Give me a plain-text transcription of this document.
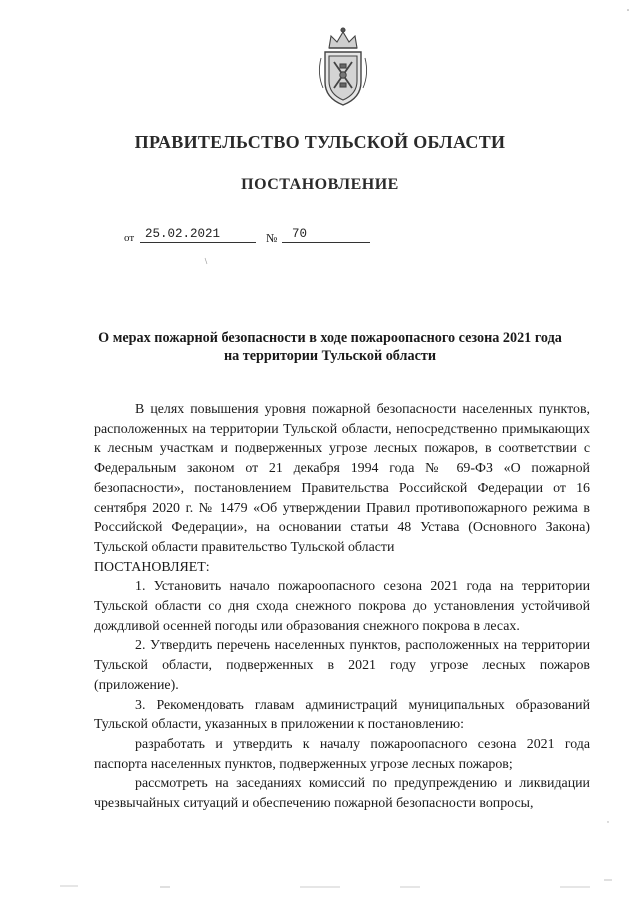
ПРАВИТЕЛЬСТВО ТУЛЬСКОЙ ОБЛАСТИ
ПОСТАНОВЛЕНИЕ
от 25.02.2021	№ 70
О мерах пожарной безопасности в ходе пожароопасного сезона 2021 года
на территории Тульской области

В целях повышения уровня пожарной безопасности населенных пунктов, расположенных на территории Тульской области, непосредственно примыкающих к лесным участкам и подверженных угрозе лесных пожаров, в соответствии с Федеральным законом от 21 декабря 1994 года № 69-ФЗ «О пожарной безопасности», постановлением Правительства Российской Федерации от 16 сентября 2020 г. № 1479 «Об утверждении Правил противопожарного режима в Российской Федерации», на основании статьи 48 Устава (Основного Закона) Тульской области правительство Тульской области

ПОСТАНОВЛЯЕТ:

1. Установить начало пожароопасного сезона 2021 года на территории Тульской области со дня схода снежного покрова до установления устойчивой дождливой осенней погоды или образования снежного покрова в лесах.

2. Утвердить перечень населенных пунктов, расположенных на территории Тульской области, подверженных в 2021 году угрозе лесных пожаров (приложение).

3. Рекомендовать главам администраций муниципальных образований Тульской области, указанных в приложении к постановлению:

разработать и утвердить к началу пожароопасного сезона 2021 года паспорта населенных пунктов, подверженных угрозе лесных пожаров;

рассмотреть на заседаниях комиссий по предупреждению и ликвидации чрезвычайных ситуаций и обеспечению пожарной безопасности вопросы,
